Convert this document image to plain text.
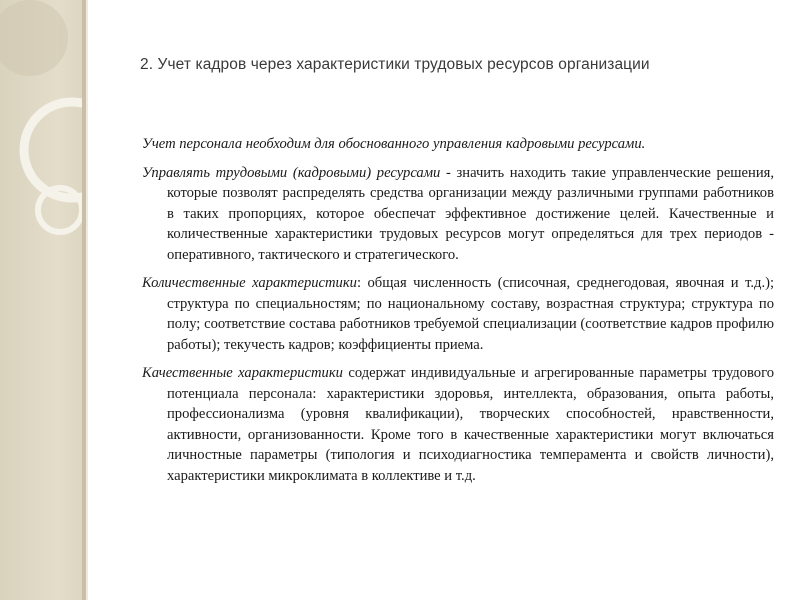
2. Учет кадров через характеристики трудовых ресурсов организации

Учет персонала необходим для обоснованного управления кадровыми ресурсами.

Управлять трудовыми (кадровыми) ресурсами - значить находить такие управленческие решения, которые позволят распределять средства организации между различными группами работников в таких пропорциях, которое обеспечат эффективное достижение целей. Качественные и количественные характеристики трудовых ресурсов могут определяться для трех периодов - оперативного, тактического и стратегического.

Количественные характеристики: общая численность (списочная, среднегодовая, явочная и т.д.); структура по специальностям; по национальному составу, возрастная структура; структура по полу; соответствие состава работников требуемой специализации (соответствие кадров профилю работы); текучесть кадров; коэффициенты приема.

Качественные характеристики содержат индивидуальные и агрегированные параметры трудового потенциала персонала: характеристики здоровья, интеллекта, образования, опыта работы, профессионализма (уровня квалификации), творческих способностей, нравственности, активности, организованности. Кроме того в качественные характеристики могут включаться личностные параметры (типология и психодиагностика темперамента и свойств личности), характеристики микроклимата в коллективе и т.д.
